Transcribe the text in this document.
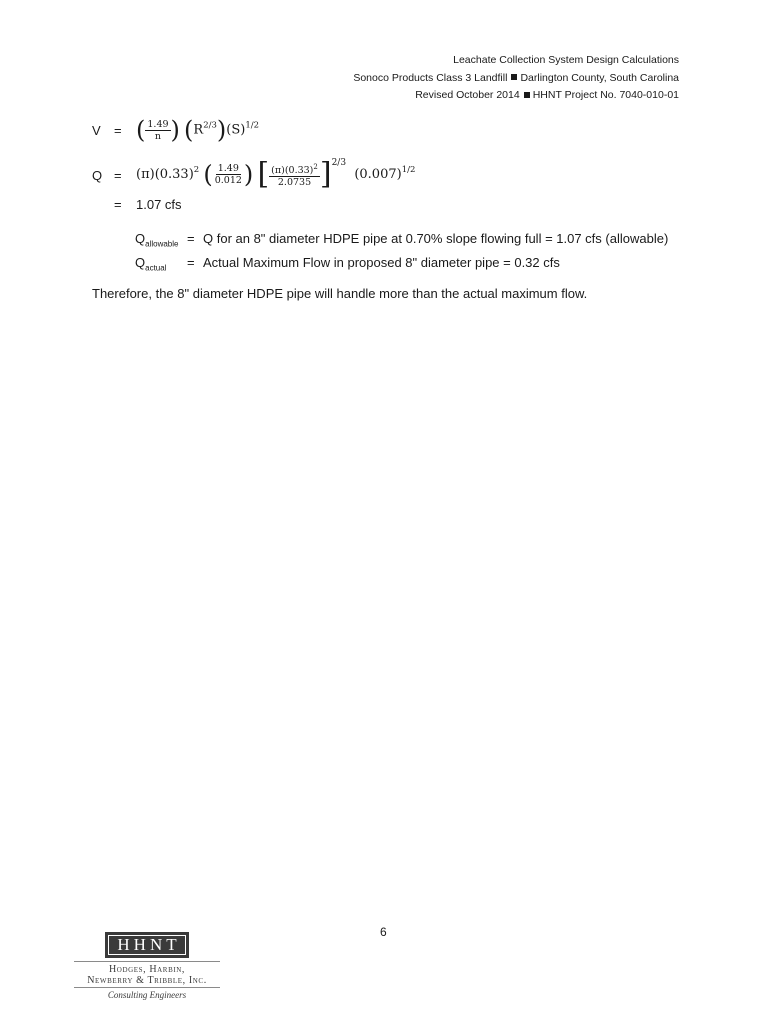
Leachate Collection System Design Calculations
Sonoco Products Class 3 Landfill Darlington County, South Carolina
Revised October 2014 HHNT Project No. 7040-010-01
V = ( $\frac{1.49}{n}$ ) $(R^{2/3})(S)^{1/2}$
$Q = (\pi)(0.33)^2$ ( $\frac{1.49}{0.012}$ ) [ $\frac{(\pi)(0.33)^2}{2.0735} ]^{2/3}$  $(0.007)^{1/2}$
= 1.07 cfs
$Q_{allowable} = Q$ for an 8" diameter HDPE pipe at 0.70% slope flowing full = 1.07 cfs (allowable)
$Q_{actual}$ = Actual Maximum Flow in proposed 8" diameter pipe = 0.32 cfs
Therefore, the 8" diameter HDPE pipe will handle more than the actual maximum flow.
6
HHNT
Hodges, Harbin,
Newberry & Tribble, Inc.
Consulting Engineers
